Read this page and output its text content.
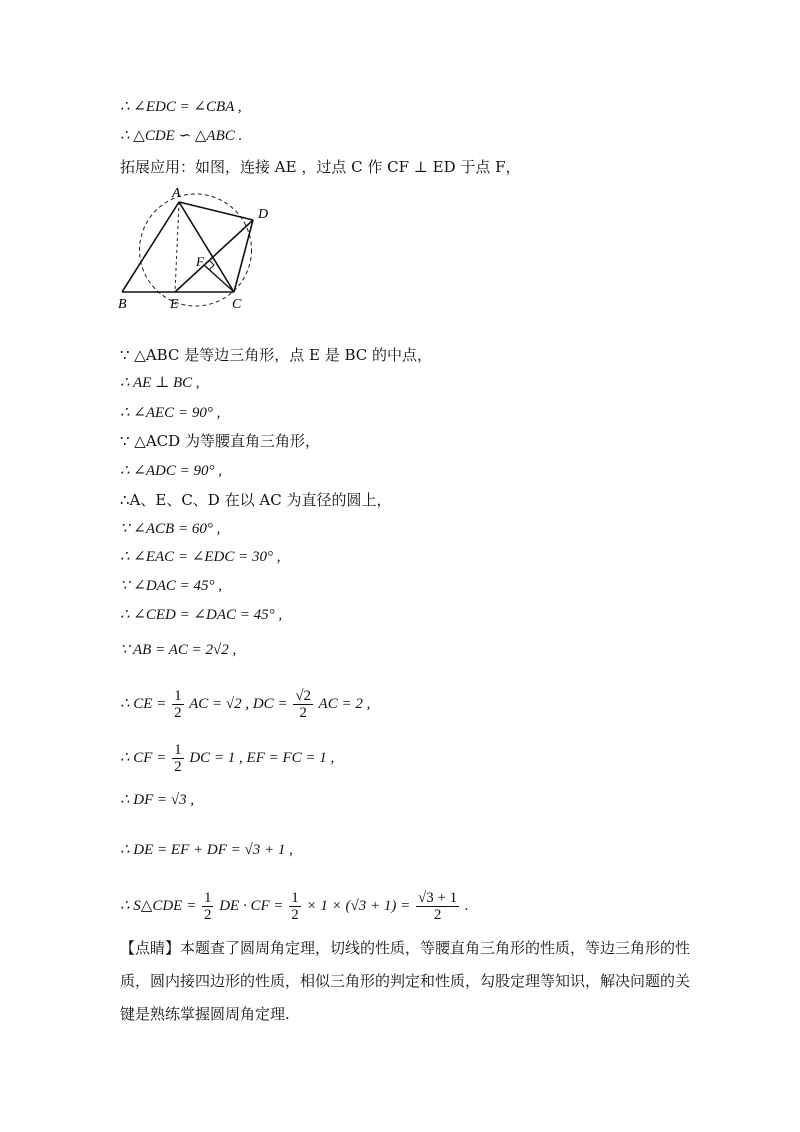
∴ ∠EDC = ∠CBA ,
∴ △CDE ∽ △ABC .
拓展应用：如图，连接 AE ，过点 C 作 CF ⊥ ED 于点 F，
A
B	C
D
E
F
∵ △ABC 是等边三角形，点 E 是 BC 的中点，
∴ AE ⊥ BC ,
∴ ∠AEC = 90° ,
∵ △ACD 为等腰直角三角形，
∴ ∠ADC = 90° ,
∴A、E、C、D 在以 AC 为直径的圆上，
∵ ∠ACB = 60° ,
∴ ∠EAC = ∠EDC = 30° ,
∵ ∠DAC = 45° ,
∴ ∠CED = ∠DAC = 45° ,
∵ AB = AC = 2√2 ,
∴ CE = $\frac{1}{2}$ AC = √2 , DC = $\frac{√2}{2}$ AC = 2 ,
∴ CF = $\frac{1}{2}$ DC = 1 , EF = FC = 1 ,
∴ DF = √3 ,
∴ DE = EF + DF = √3 + 1 ,
∴ S△CDE = $\frac{1}{2}$ DE · CF = $\frac{1}{2} \times 1 \times (√3 + 1) = \frac{√3 + 1}{2}$ .
【点睛】本题查了圆周角定理，切线的性质，等腰直角三角形的性质，等边三角形的性质，圆内接四边形的性质，相似三角形的判定和性质，勾股定理等知识，解决问题的关键是熟练掌握圆周角定理.
